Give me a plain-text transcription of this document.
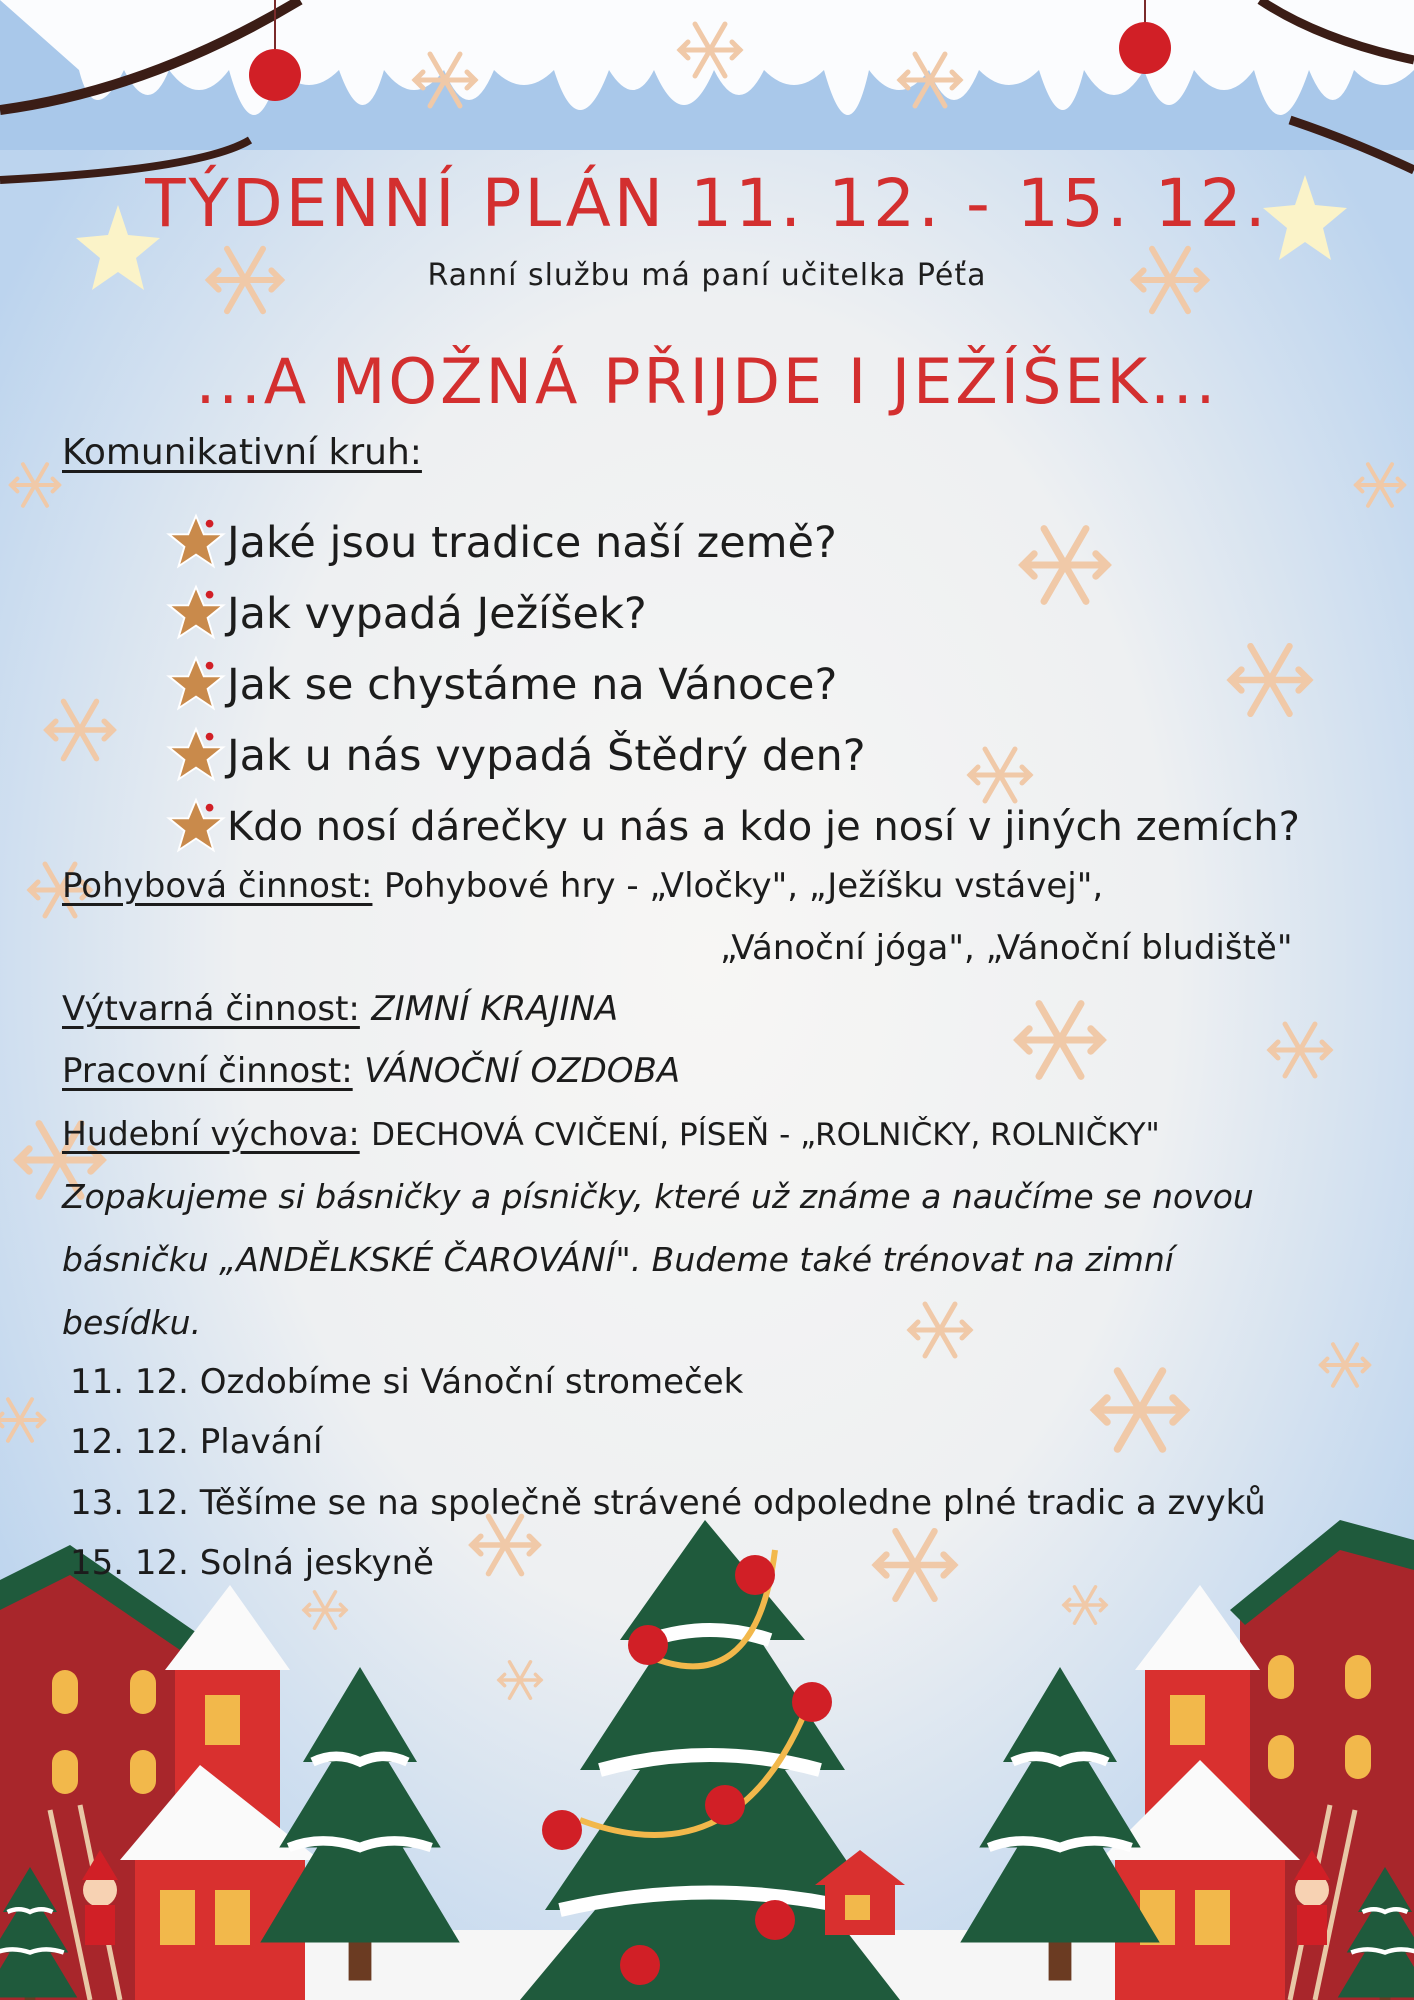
TÝDENNÍ PLÁN 11. 12. - 15. 12.
Ranní službu má paní učitelka Péťa
...A MOŽNÁ PŘIJDE I JEŽÍŠEK...
Komunikativní kruh:
Jaké jsou tradice naší země?
Jak vypadá Ježíšek?
Jak se chystáme na Vánoce?
Jak u nás vypadá Štědrý den?
Kdo nosí dárečky u nás a kdo je nosí v jiných zemích?
Pohybová činnost: Pohybové hry - „Vločky", „Ježíšku vstávej",
„Vánoční jóga", „Vánoční bludiště"
Výtvarná činnost: ZIMNÍ KRAJINA
Pracovní činnost: VÁNOČNÍ OZDOBA
Hudební výchova: DECHOVÁ CVIČENÍ, PÍSEŇ - „ROLNIČKY, ROLNIČKY"
Zopakujeme si básničky a písničky, které už známe a naučíme se novou
básničku „ANDĚLKSKÉ ČAROVÁNÍ". Budeme také trénovat na zimní
besídku.
11. 12. Ozdobíme si Vánoční stromeček
12. 12. Plavání
13. 12. Těšíme se na společně strávené odpoledne plné tradic a zvyků
15. 12. Solná jeskyně
